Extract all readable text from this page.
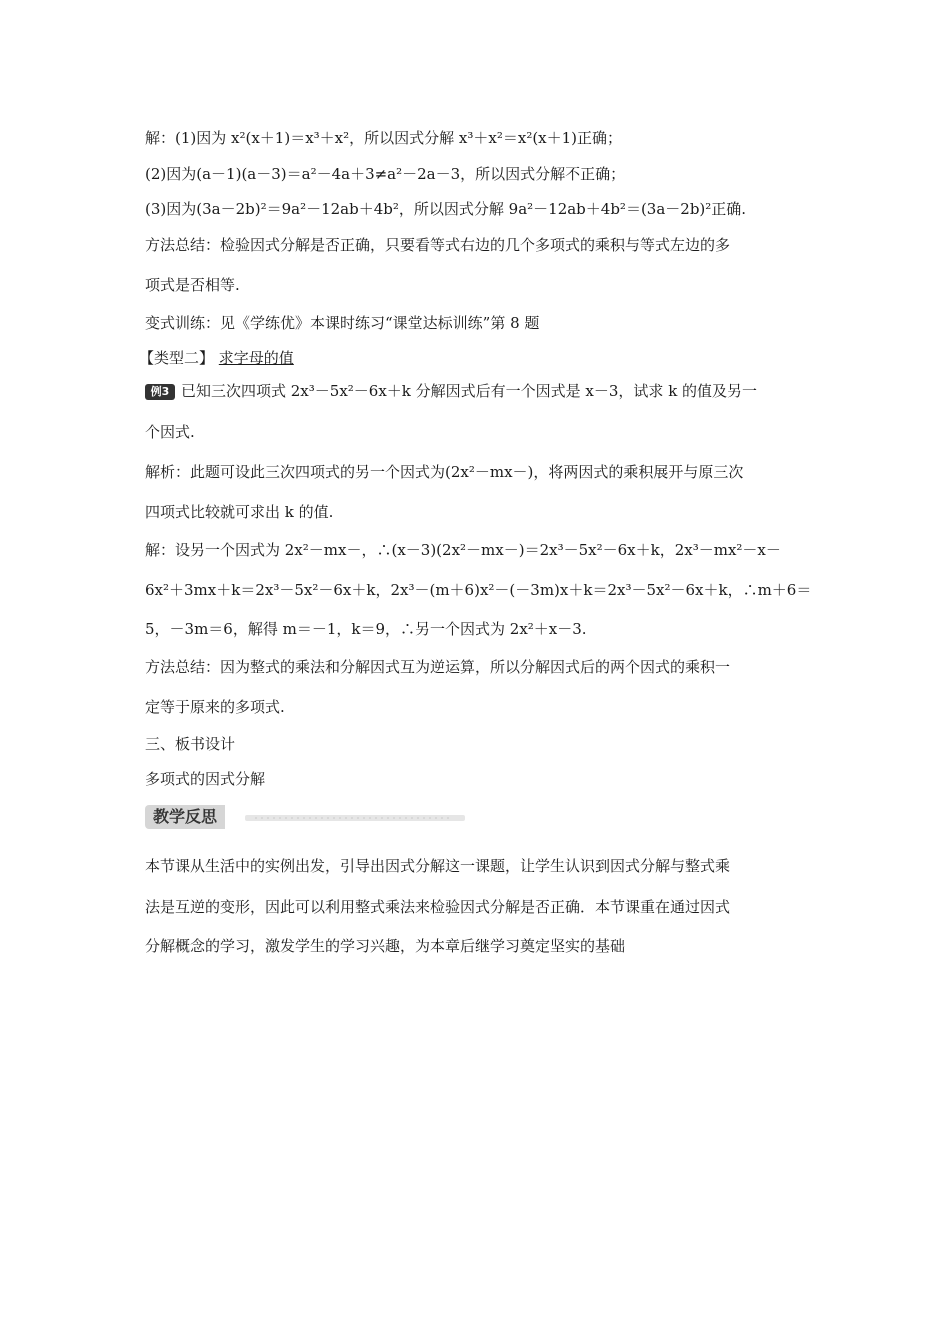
解：(1)因为 x²(x＋1)＝x³＋x²，所以因式分解 x³＋x²＝x²(x＋1)正确；
(2)因为(a－1)(a－3)＝a²－4a＋3≠a²－2a－3，所以因式分解不正确；
(3)因为(3a－2b)²＝9a²－12ab＋4b²，所以因式分解 9a²－12ab＋4b²＝(3a－2b)²正确.
方法总结：检验因式分解是否正确，只要看等式右边的几个多项式的乘积与等式左边的多
项式是否相等.
变式训练：见《学练优》本课时练习“课堂达标训练”第 8 题
【类型二】 求字母的值
例3 已知三次四项式 2x³－5x²－6x＋k 分解因式后有一个因式是 x－3，试求 k 的值及另一
个因式.
解析：此题可设此三次四项式的另一个因式为(2x²－mx－)，将两因式的乘积展开与原三次
四项式比较就可求出 k 的值.
解：设另一个因式为 2x²－mx－，∴(x－3)(2x²－mx－)＝2x³－5x²－6x＋k，2x³－mx²－x－
6x²＋3mx＋k＝2x³－5x²－6x＋k，2x³－(m＋6)x²－(－3m)x＋k＝2x³－5x²－6x＋k，∴m＋6＝
5，－3m＝6，解得 m＝－1，k＝9，∴另一个因式为 2x²＋x－3.
方法总结：因为整式的乘法和分解因式互为逆运算，所以分解因式后的两个因式的乘积一
定等于原来的多项式.
三、板书设计
多项式的因式分解
教学反思
本节课从生活中的实例出发，引导出因式分解这一课题，让学生认识到因式分解与整式乘
法是互逆的变形，因此可以利用整式乘法来检验因式分解是否正确．本节课重在通过因式
分解概念的学习，激发学生的学习兴趣，为本章后继学习奠定坚实的基础
